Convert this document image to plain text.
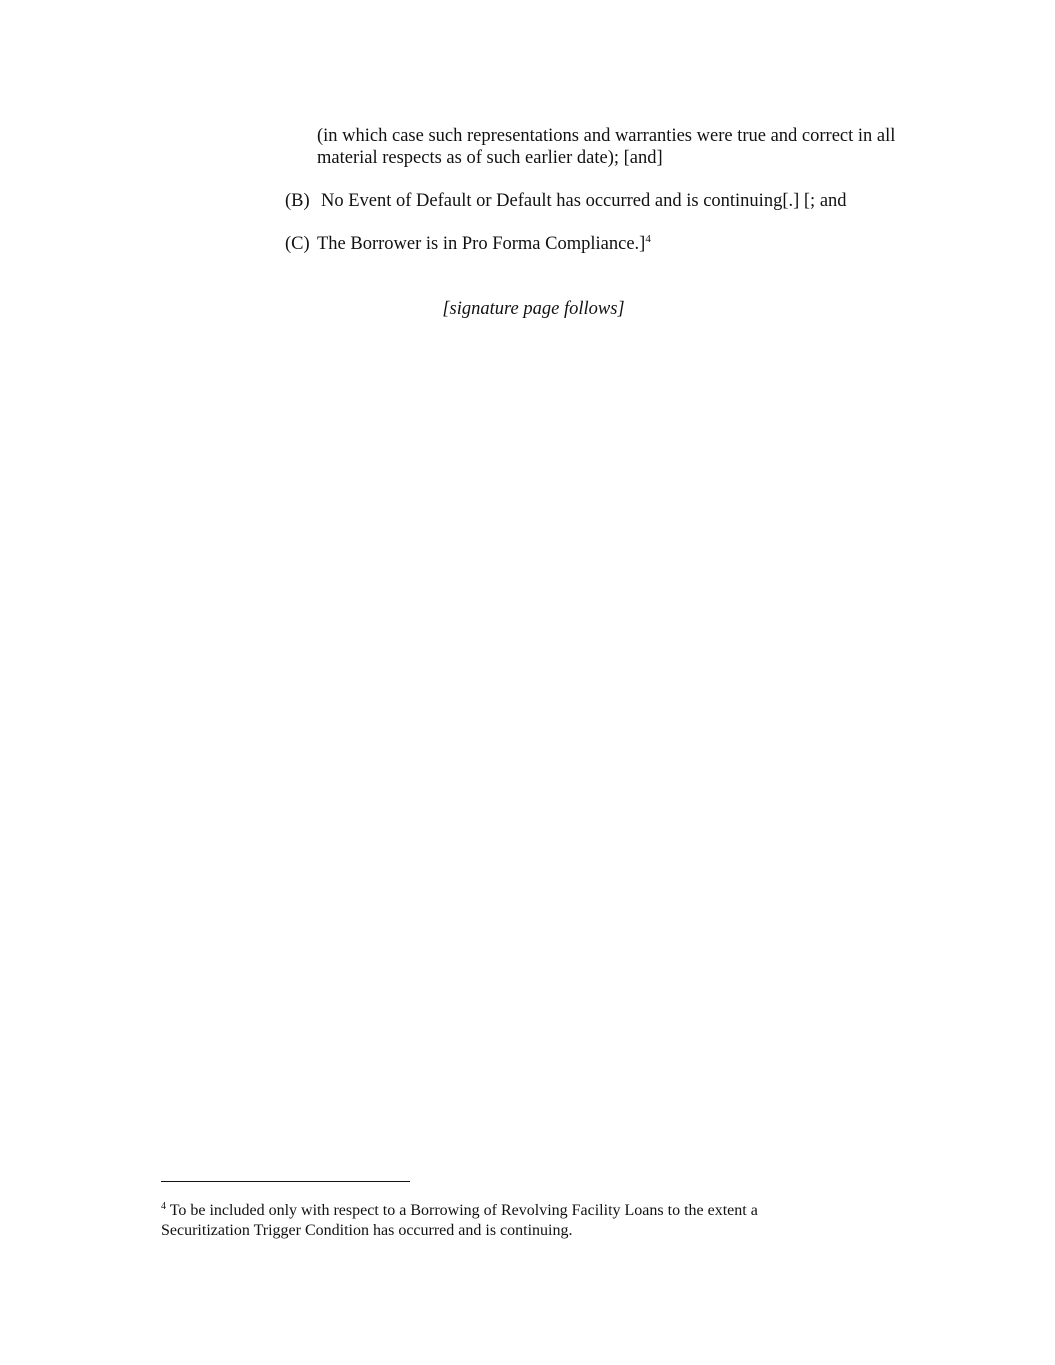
(in which case such representations and warranties were true and correct in all
material respects as of such earlier date); [and]
(B) No Event of Default or Default has occurred and is continuing[.] [; and
(C) The Borrower is in Pro Forma Compliance.]$^4$
[signature page follows]
$^4$ To be included only with respect to a Borrowing of Revolving Facility Loans to the extent a
Securitization Trigger Condition has occurred and is continuing.
